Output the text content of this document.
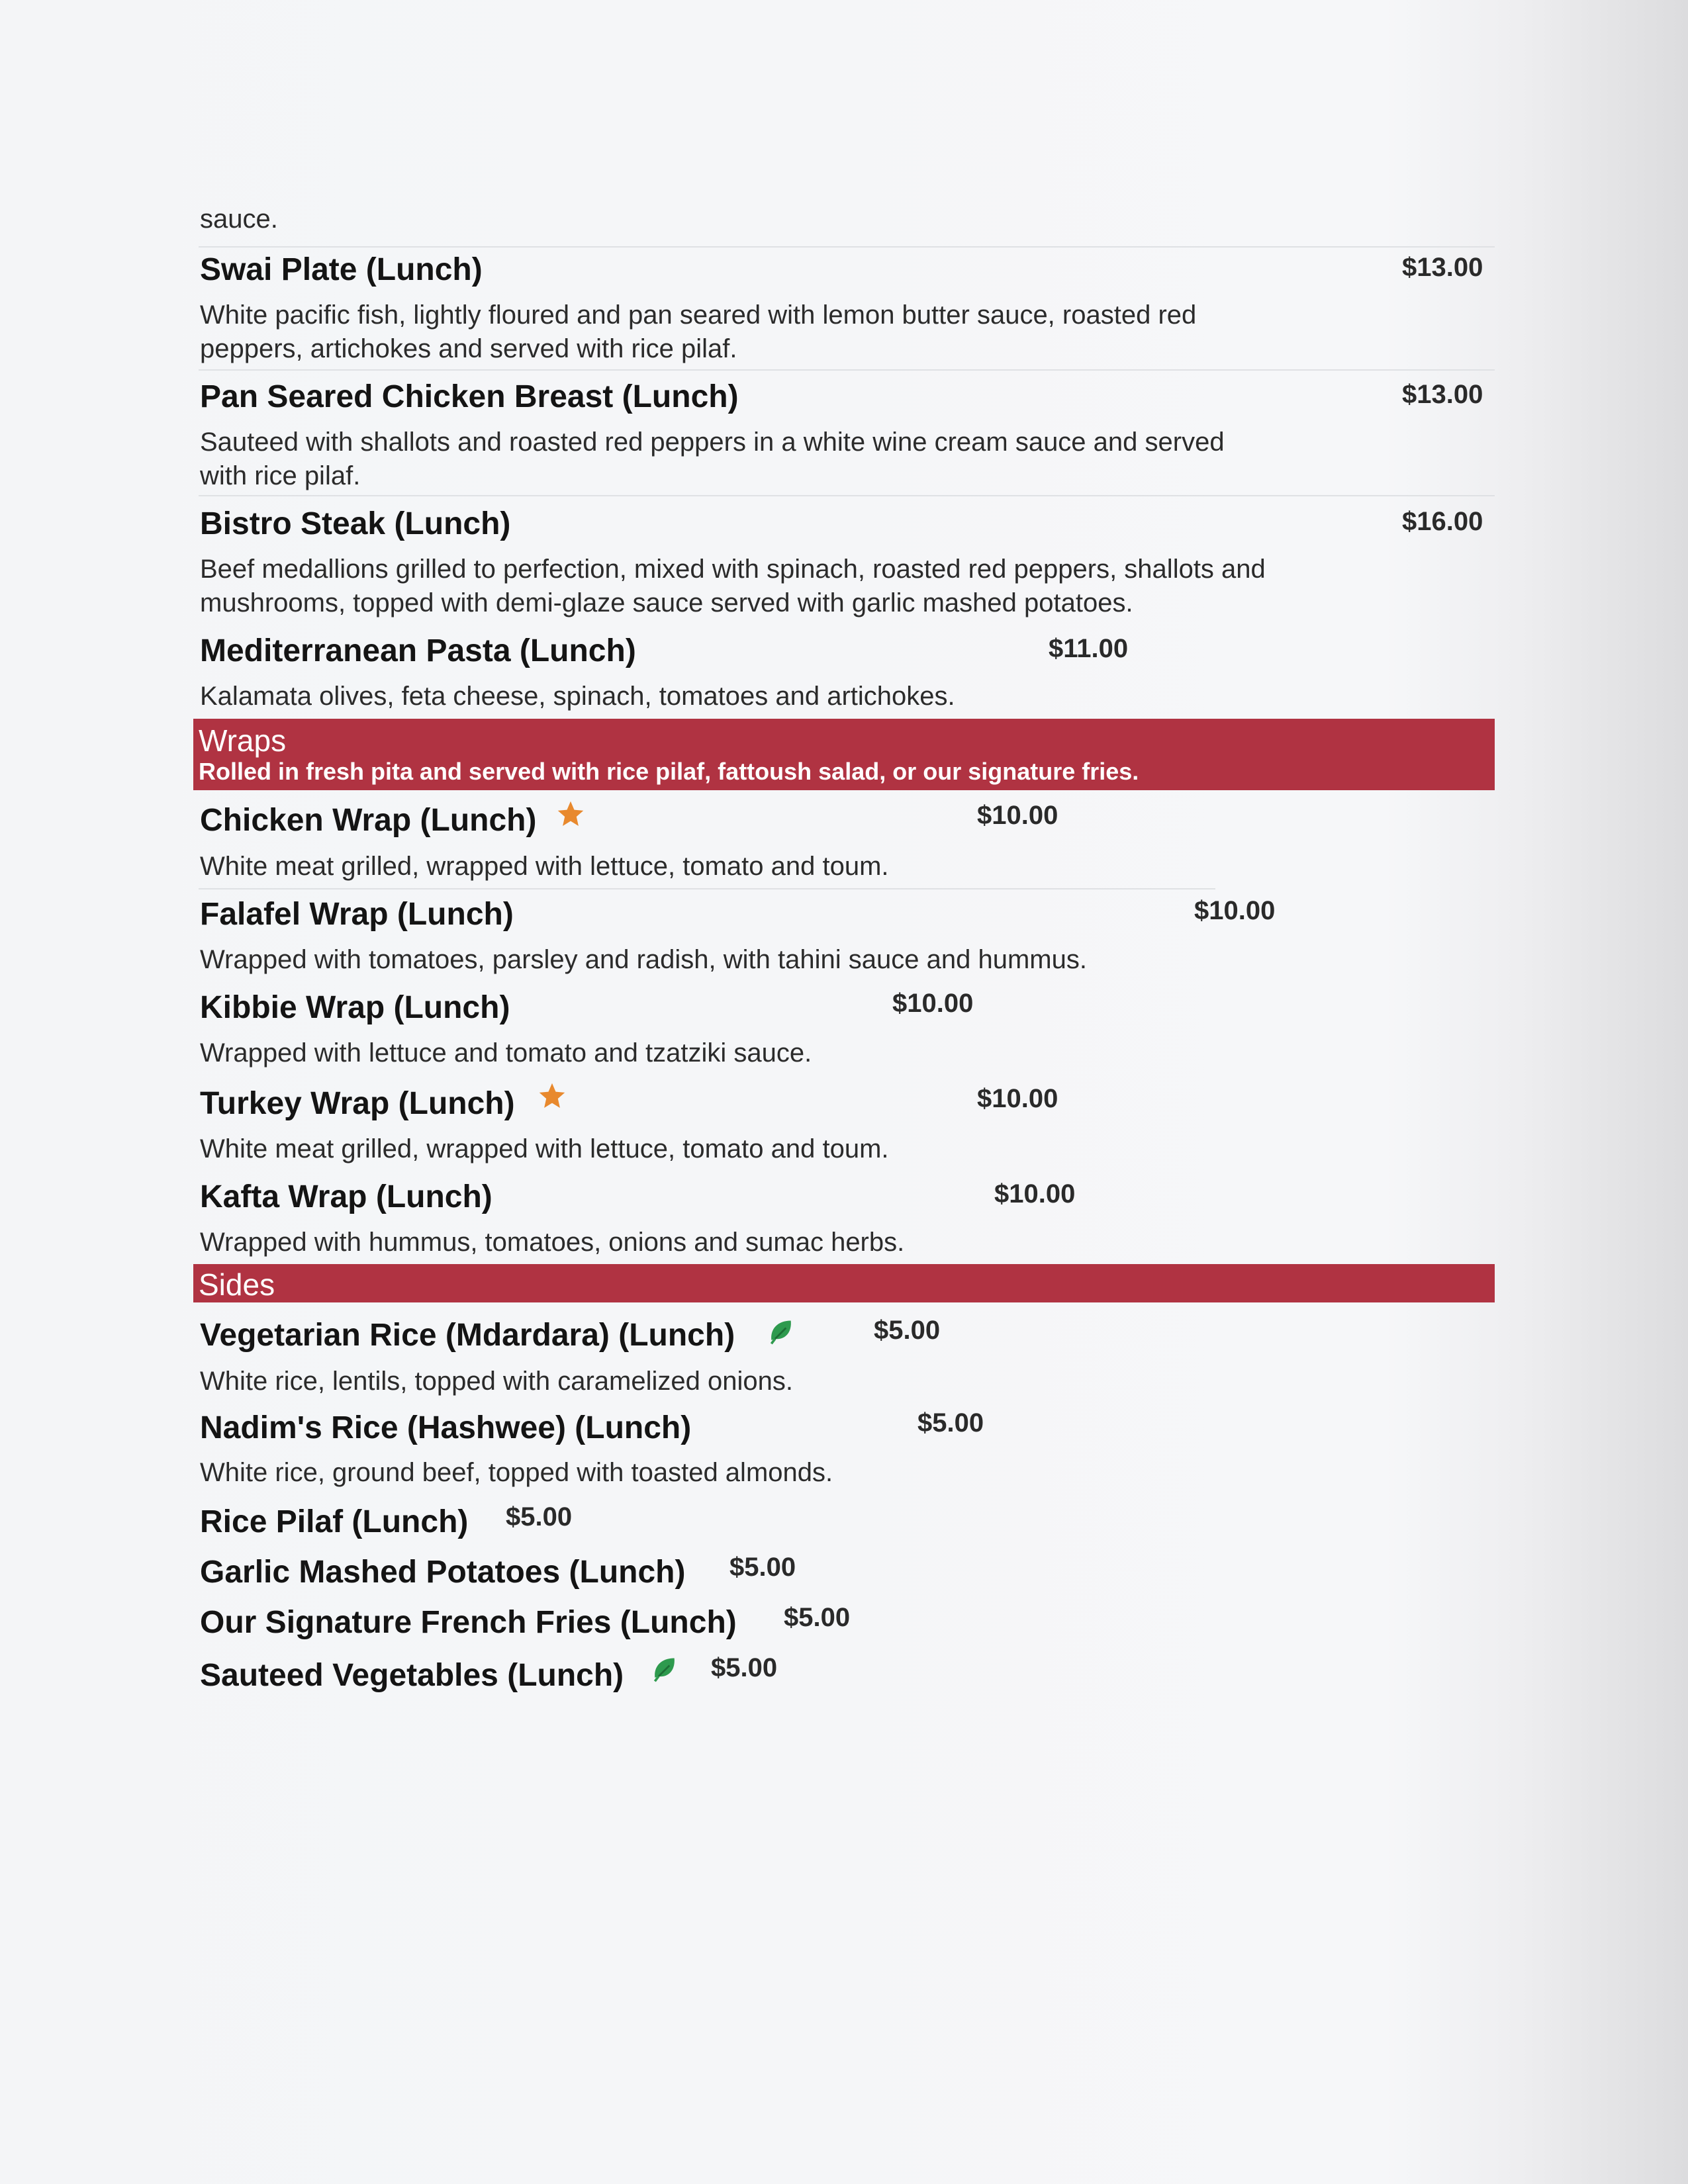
sauce.
Swai Plate (Lunch)	$13.00
White pacific fish, lightly floured and pan seared with lemon butter sauce, roasted red
peppers, artichokes and served with rice pilaf.
Pan Seared Chicken Breast (Lunch)	$13.00
Sauteed with shallots and roasted red peppers in a white wine cream sauce and served
with rice pilaf.
Bistro Steak (Lunch)	$16.00
Beef medallions grilled to perfection, mixed with spinach, roasted red peppers, shallots and
mushrooms, topped with demi-glaze sauce served with garlic mashed potatoes.
Mediterranean Pasta (Lunch)	$11.00
Kalamata olives, feta cheese, spinach, tomatoes and artichokes.
Wraps
Rolled in fresh pita and served with rice pilaf, fattoush salad, or our signature fries.
Chicken Wrap (Lunch)	$10.00
White meat grilled, wrapped with lettuce, tomato and toum.
Falafel Wrap (Lunch)	$10.00
Wrapped with tomatoes, parsley and radish, with tahini sauce and hummus.
Kibbie Wrap (Lunch)	$10.00
Wrapped with lettuce and tomato and tzatziki sauce.
Turkey Wrap (Lunch)	$10.00
White meat grilled, wrapped with lettuce, tomato and toum.
Kafta Wrap (Lunch)	$10.00
Wrapped with hummus, tomatoes, onions and sumac herbs.
Sides
Vegetarian Rice (Mdardara) (Lunch)	$5.00
White rice, lentils, topped with caramelized onions.
Nadim's Rice (Hashwee) (Lunch)	$5.00
White rice, ground beef, topped with toasted almonds.
Rice Pilaf (Lunch) $5.00
Garlic Mashed Potatoes (Lunch) $5.00
Our Signature French Fries (Lunch) $5.00
Sauteed Vegetables (Lunch)	$5.00
